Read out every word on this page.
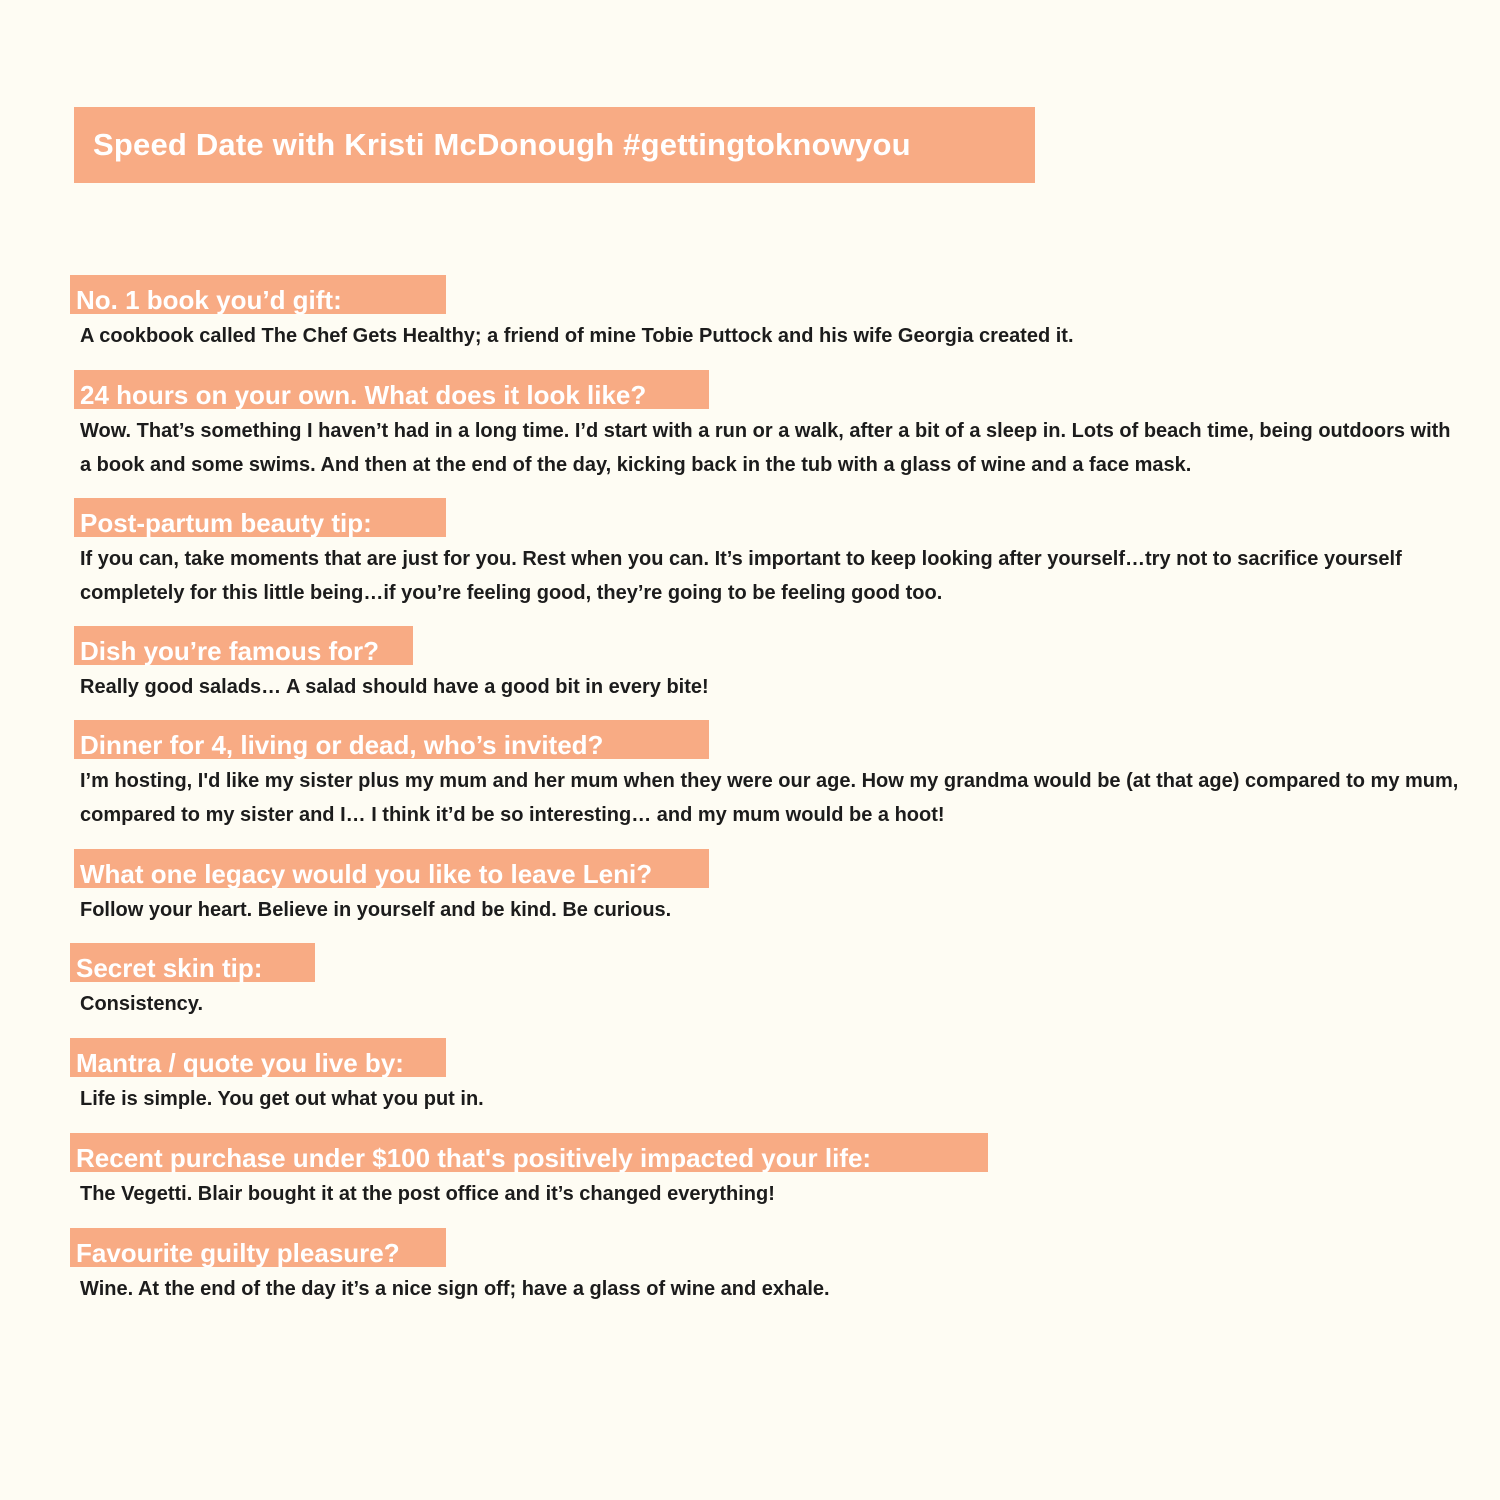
Speed Date with Kristi McDonough #gettingtoknowyou
No. 1 book you’d gift:

A cookbook called The Chef Gets Healthy; a friend of mine Tobie Puttock and his wife Georgia created it.

24 hours on your own. What does it look like?

Wow. That’s something I haven’t had in a long time. I’d start with a run or a walk, after a bit of a sleep in. Lots of beach time, being outdoors with a book and some swims. And then at the end of the day, kicking back in the tub with a glass of wine and a face mask.

Post-partum beauty tip:

If you can, take moments that are just for you. Rest when you can. It’s important to keep looking after yourself…try not to sacrifice yourself completely for this little being…if you’re feeling good, they’re going to be feeling good too.

Dish you’re famous for?

Really good salads… A salad should have a good bit in every bite!

Dinner for 4, living or dead, who’s invited?

I’m hosting, I'd like my sister plus my mum and her mum when they were our age. How my grandma would be (at that age) compared to my mum, compared to my sister and I… I think it’d be so interesting… and my mum would be a hoot!

What one legacy would you like to leave Leni?

Follow your heart. Believe in yourself and be kind. Be curious.

Secret skin tip:

Consistency.

Mantra / quote you live by:

Life is simple. You get out what you put in.

Recent purchase under $100 that's positively impacted your life:

The Vegetti. Blair bought it at the post office and it’s changed everything!

Favourite guilty pleasure?

Wine. At the end of the day it’s a nice sign off; have a glass of wine and exhale.
